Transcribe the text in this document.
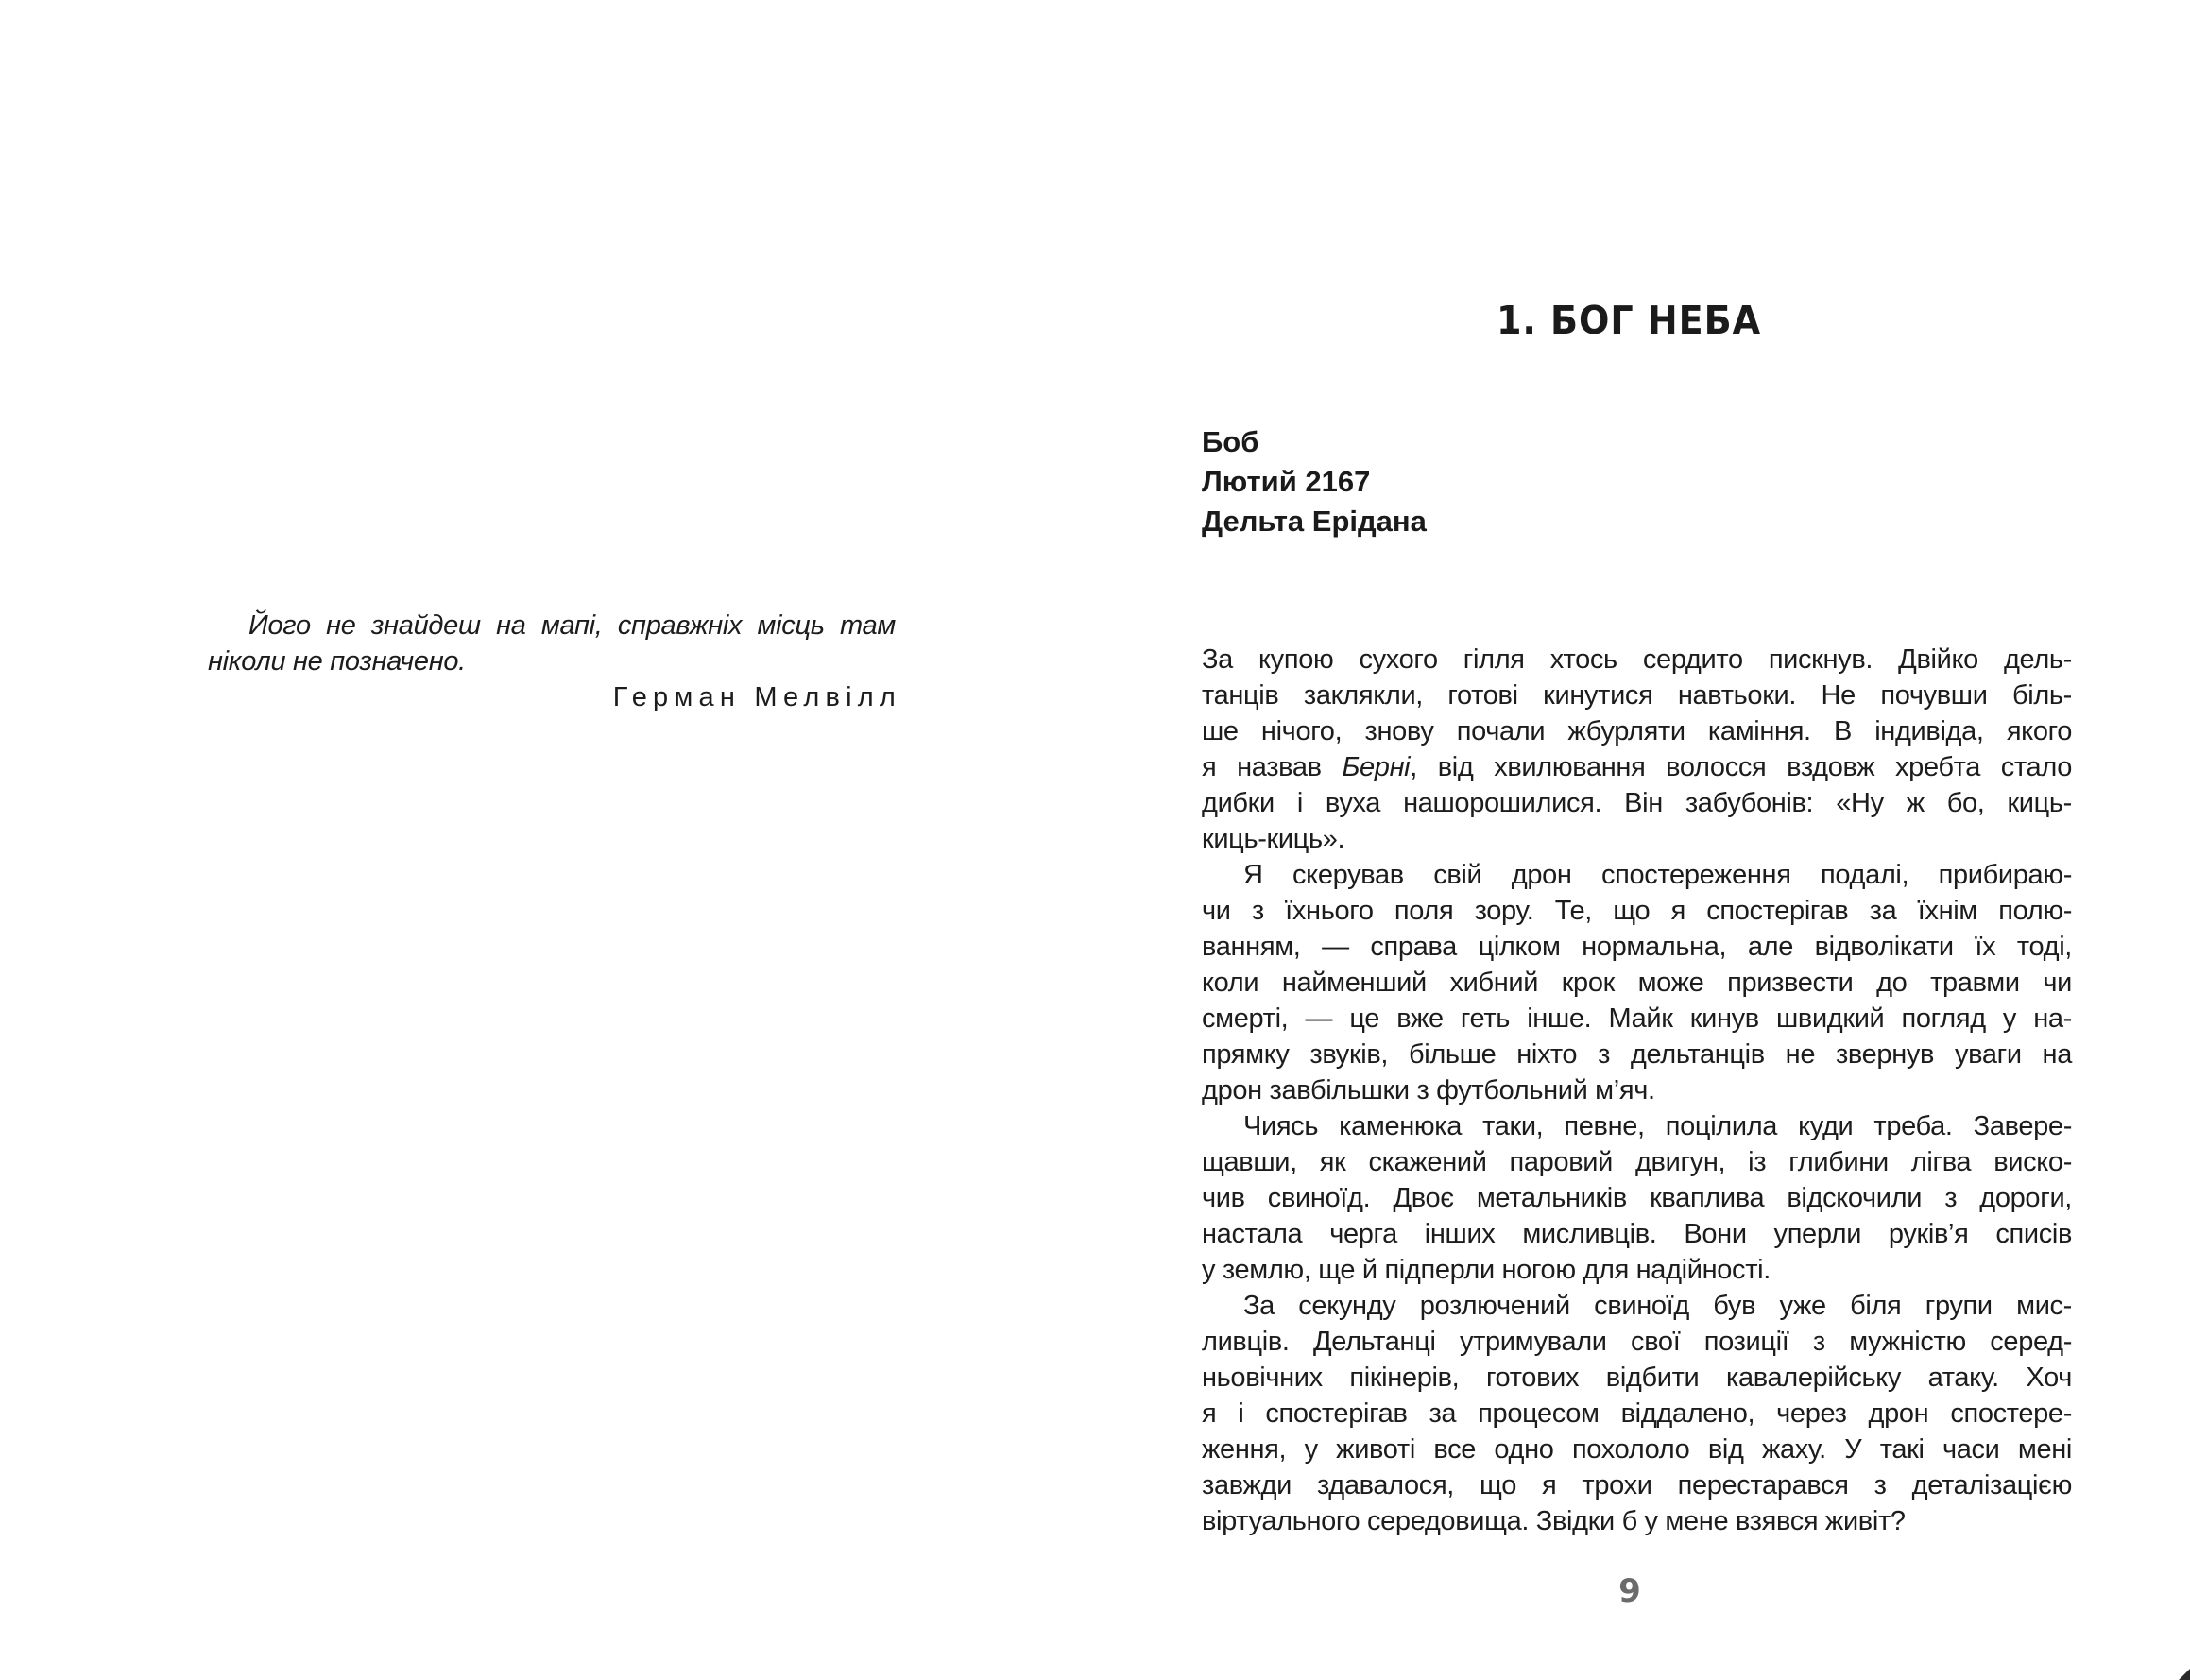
Його не знайдеш на мапі, справжніх місць там
ніколи не позначено.
Герман Мелвілл
1. БОГ НЕБА
Боб
Лютий 2167
Дельта Ерідана
За купою сухого гілля хтось сердито пискнув. Двійко дель-
танців заклякли, готові кинутися навтьоки. Не почувши біль-
ше нічого, знову почали жбурляти каміння. В індивіда, якого
я назвав Берні, від хвилювання волосся вздовж хребта стало
дибки і вуха нашорошилися. Він забубонів: «Ну ж бо, киць-
киць-киць».
Я скерував свій дрон спостереження подалі, прибираю-
чи з їхнього поля зору. Те, що я спостерігав за їхнім полю-
ванням, — справа цілком нормальна, але відволікати їх тоді,
коли найменший хибний крок може призвести до травми чи
смерті, — це вже геть інше. Майк кинув швидкий погляд у на-
прямку звуків, більше ніхто з дельтанців не звернув уваги на
дрон завбільшки з футбольний м’яч.
Чиясь каменюка таки, певне, поцілила куди треба. Завере-
щавши, як скажений паровий двигун, із глибини лігва виско-
чив свиноїд. Двоє метальників кваплива відскочили з дороги,
настала черга інших мисливців. Вони уперли руків’я списів
у землю, ще й підперли ногою для надійності.
За секунду розлючений свиноїд був уже біля групи мис-
ливців. Дельтанці утримували свої позиції з мужністю серед-
ньовічних пікінерів, готових відбити кавалерійську атаку. Хоч
я і спостерігав за процесом віддалено, через дрон спостере-
ження, у животі все одно похололо від жаху. У такі часи мені
завжди здавалося, що я трохи перестарався з деталізацією
віртуального середовища. Звідки б у мене взявся живіт?
9
